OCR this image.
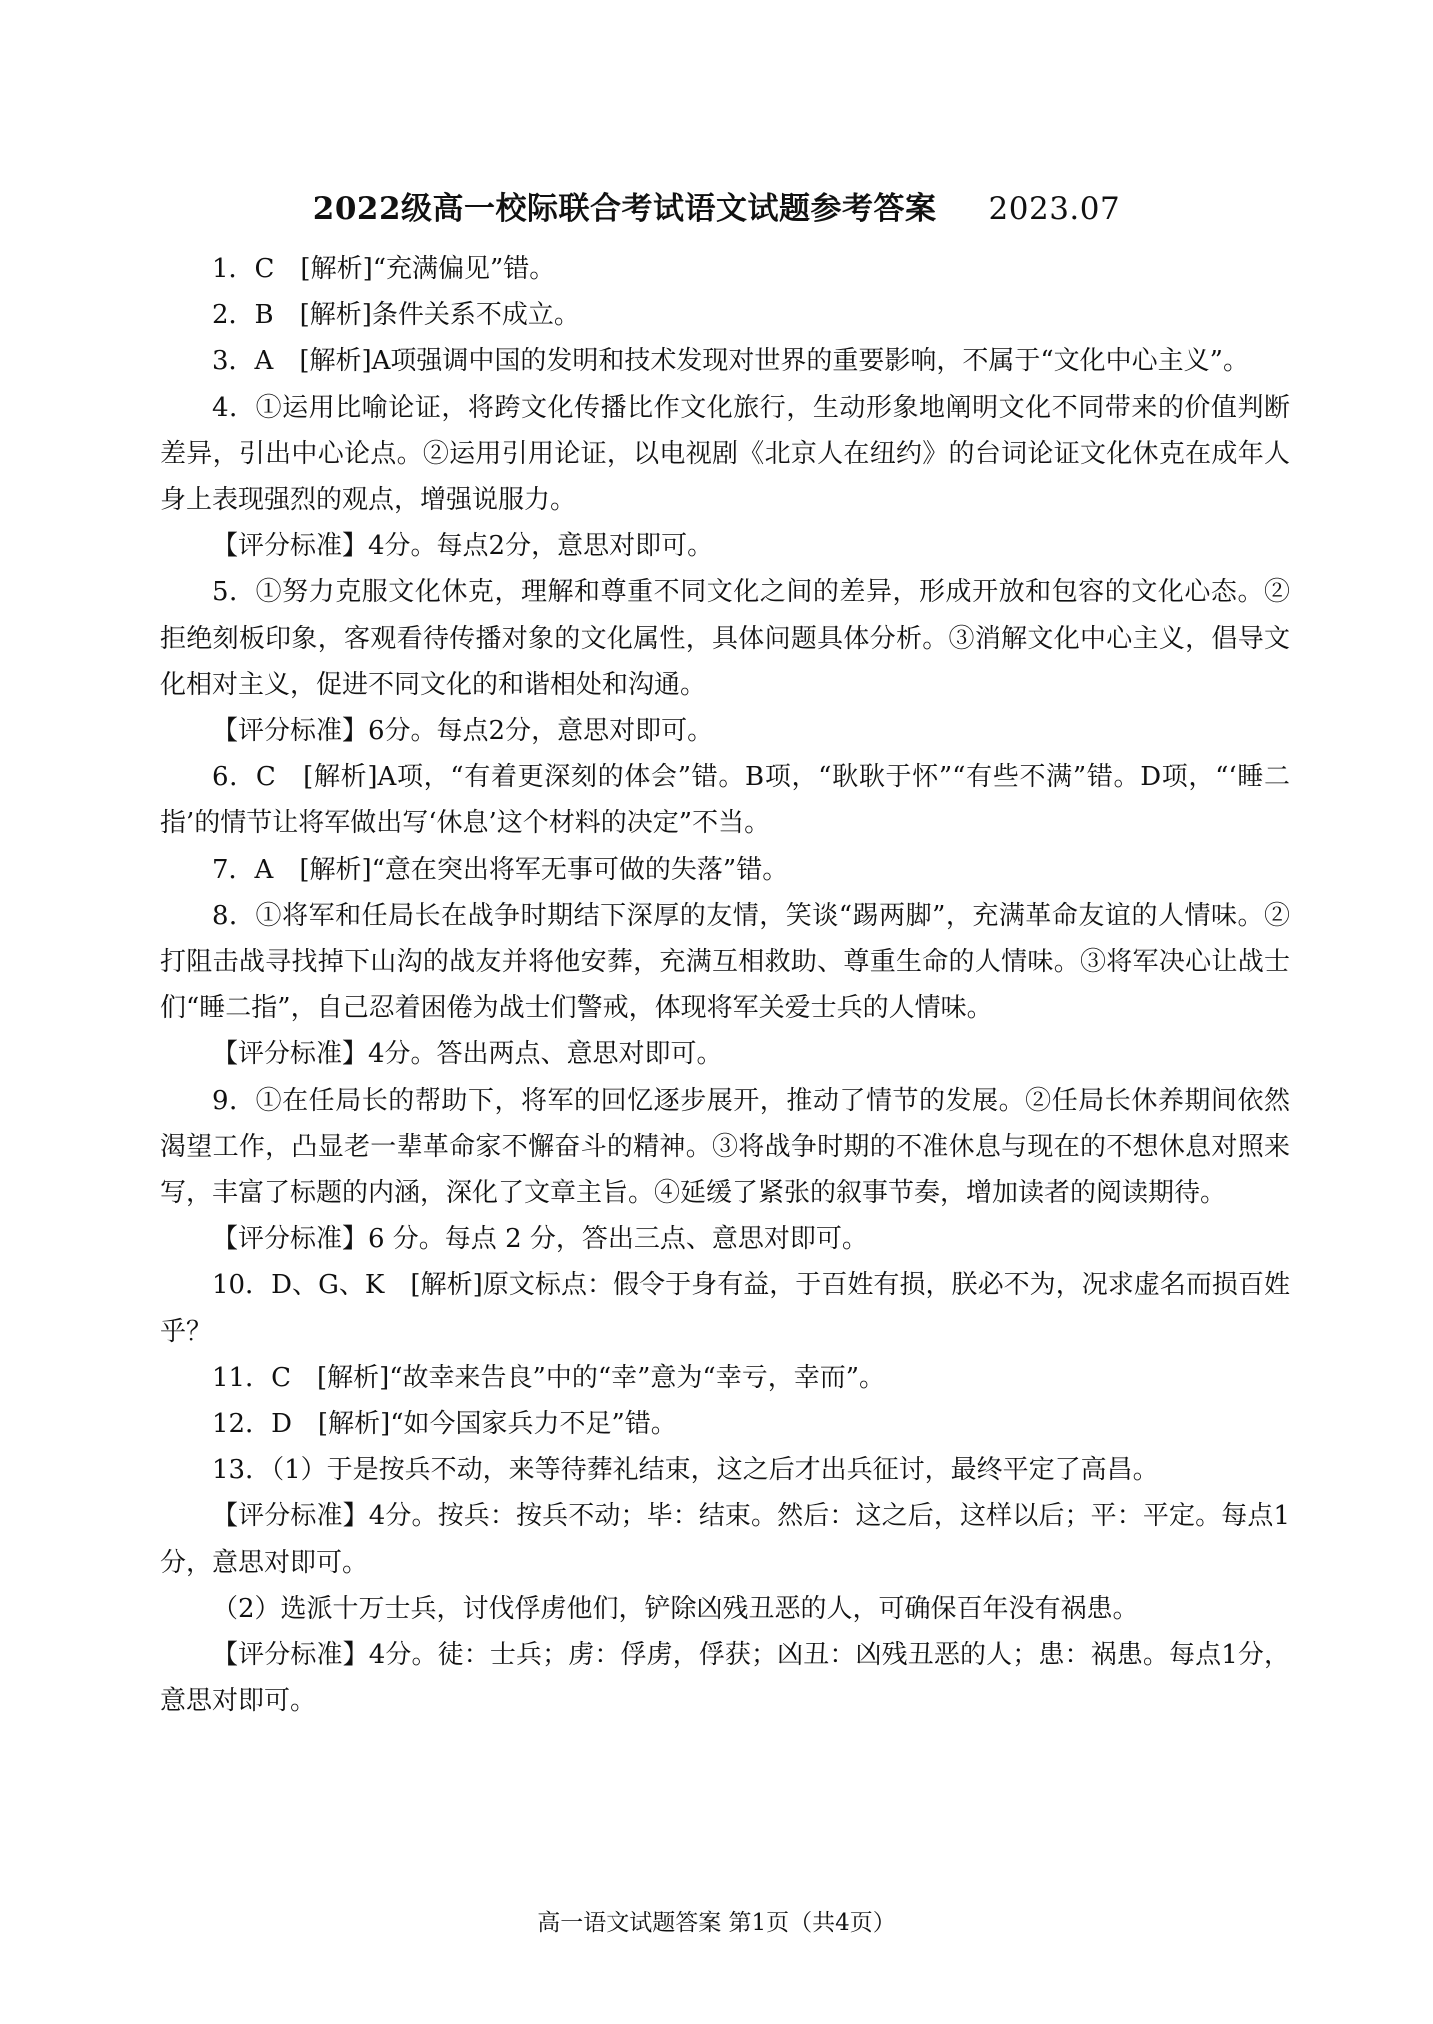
2022级高一校际联合考试语文试题参考答案 2023.07

1．C　[解析]“充满偏见”错。

2．B　[解析]条件关系不成立。

3．A　[解析]A项强调中国的发明和技术发现对世界的重要影响，不属于“文化中心主义”。

4．①运用比喻论证，将跨文化传播比作文化旅行，生动形象地阐明文化不同带来的价值判断差异，引出中心论点。②运用引用论证，以电视剧《北京人在纽约》的台词论证文化休克在成年人身上表现强烈的观点，增强说服力。

【评分标准】4分。每点2分，意思对即可。

5．①努力克服文化休克，理解和尊重不同文化之间的差异，形成开放和包容的文化心态。②拒绝刻板印象，客观看待传播对象的文化属性，具体问题具体分析。③消解文化中心主义，倡导文化相对主义，促进不同文化的和谐相处和沟通。

【评分标准】6分。每点2分，意思对即可。

6．C　[解析]A项，“有着更深刻的体会”错。B项，“耿耿于怀”“有些不满”错。D项，“‘睡二指’的情节让将军做出写‘休息’这个材料的决定”不当。

7．A　[解析]“意在突出将军无事可做的失落”错。

8．①将军和任局长在战争时期结下深厚的友情，笑谈“踢两脚”，充满革命友谊的人情味。②打阻击战寻找掉下山沟的战友并将他安葬，充满互相救助、尊重生命的人情味。③将军决心让战士们“睡二指”，自己忍着困倦为战士们警戒，体现将军关爱士兵的人情味。

【评分标准】4分。答出两点、意思对即可。

9．①在任局长的帮助下，将军的回忆逐步展开，推动了情节的发展。②任局长休养期间依然渴望工作，凸显老一辈革命家不懈奋斗的精神。③将战争时期的不准休息与现在的不想休息对照来写，丰富了标题的内涵，深化了文章主旨。④延缓了紧张的叙事节奏，增加读者的阅读期待。

【评分标准】6 分。每点 2 分，答出三点、意思对即可。

10．D、G、K　[解析]原文标点：假令于身有益，于百姓有损，朕必不为，况求虚名而损百姓乎？

11．C　[解析]“故幸来告良”中的“幸”意为“幸亏，幸而”。

12．D　[解析]“如今国家兵力不足”错。

13．（1）于是按兵不动，来等待葬礼结束，这之后才出兵征讨，最终平定了高昌。

【评分标准】4分。按兵：按兵不动；毕：结束。然后：这之后，这样以后；平：平定。每点1分，意思对即可。

（2）选派十万士兵，讨伐俘虏他们，铲除凶残丑恶的人，可确保百年没有祸患。

【评分标准】4分。徒：士兵；虏：俘虏，俘获；凶丑：凶残丑恶的人；患：祸患。每点1分，意思对即可。

高一语文试题答案 第1页（共4页）
